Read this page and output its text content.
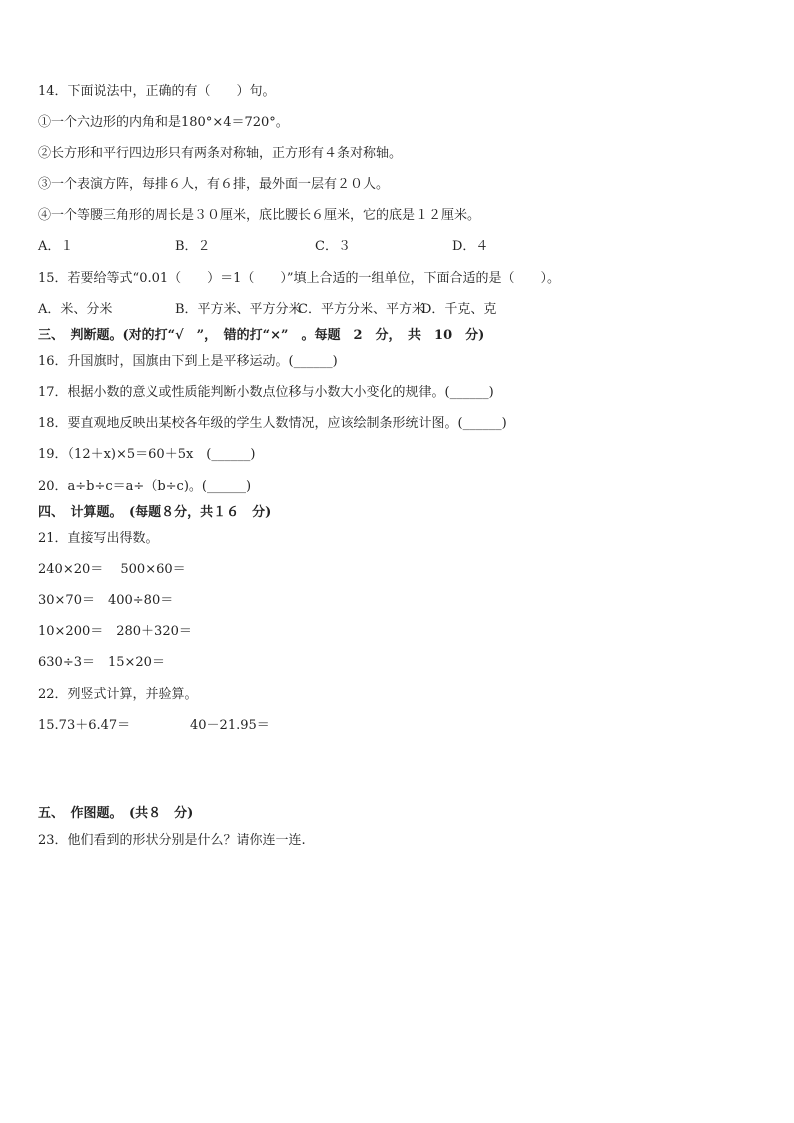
14．下面说法中，正确的有（　　）句。
①一个六边形的内角和是180°×4＝720°。
②长方形和平行四边形只有两条对称轴，正方形有４条对称轴。
③一个表演方阵，每排６人，有６排，最外面一层有２０人。
④一个等腰三角形的周长是３０厘米，底比腰长６厘米，它的底是１２厘米。
A．１	B．２	C．３	D．４
15．若要给等式“0.01（　　）＝1（　　）”填上合适的一组单位，下面合适的是（　　）。
A．米、分米	B．平方米、平方分米
C．平方分米、平方米
D．千克、克
三、　判断题。(对的打“√　”，　错的打“×”　。每题　2　分，　共　10　分)
16．升国旗时，国旗由下到上是平移运动。(______)
17．根据小数的意义或性质能判断小数点位移与小数大小变化的规律。(______)
18．要直观地反映出某校各年级的学生人数情况，应该绘制条形统计图。(______)
19．（12＋x)×5＝60＋5x　(______)
20．a÷b÷c＝a÷（b÷c)。(______)
四、　计算题。　(每题８分，共１６　分)
21．直接写出得数。
240×20＝　 500×60＝
30×70＝　400÷80＝
10×200＝　280＋320＝
630÷3＝　15×20＝
22．列竖式计算，并验算。
15.73＋6.47＝	40－21.95＝
五、　作图题。　(共８　分)
23．他们看到的形状分别是什么？请你连一连.
